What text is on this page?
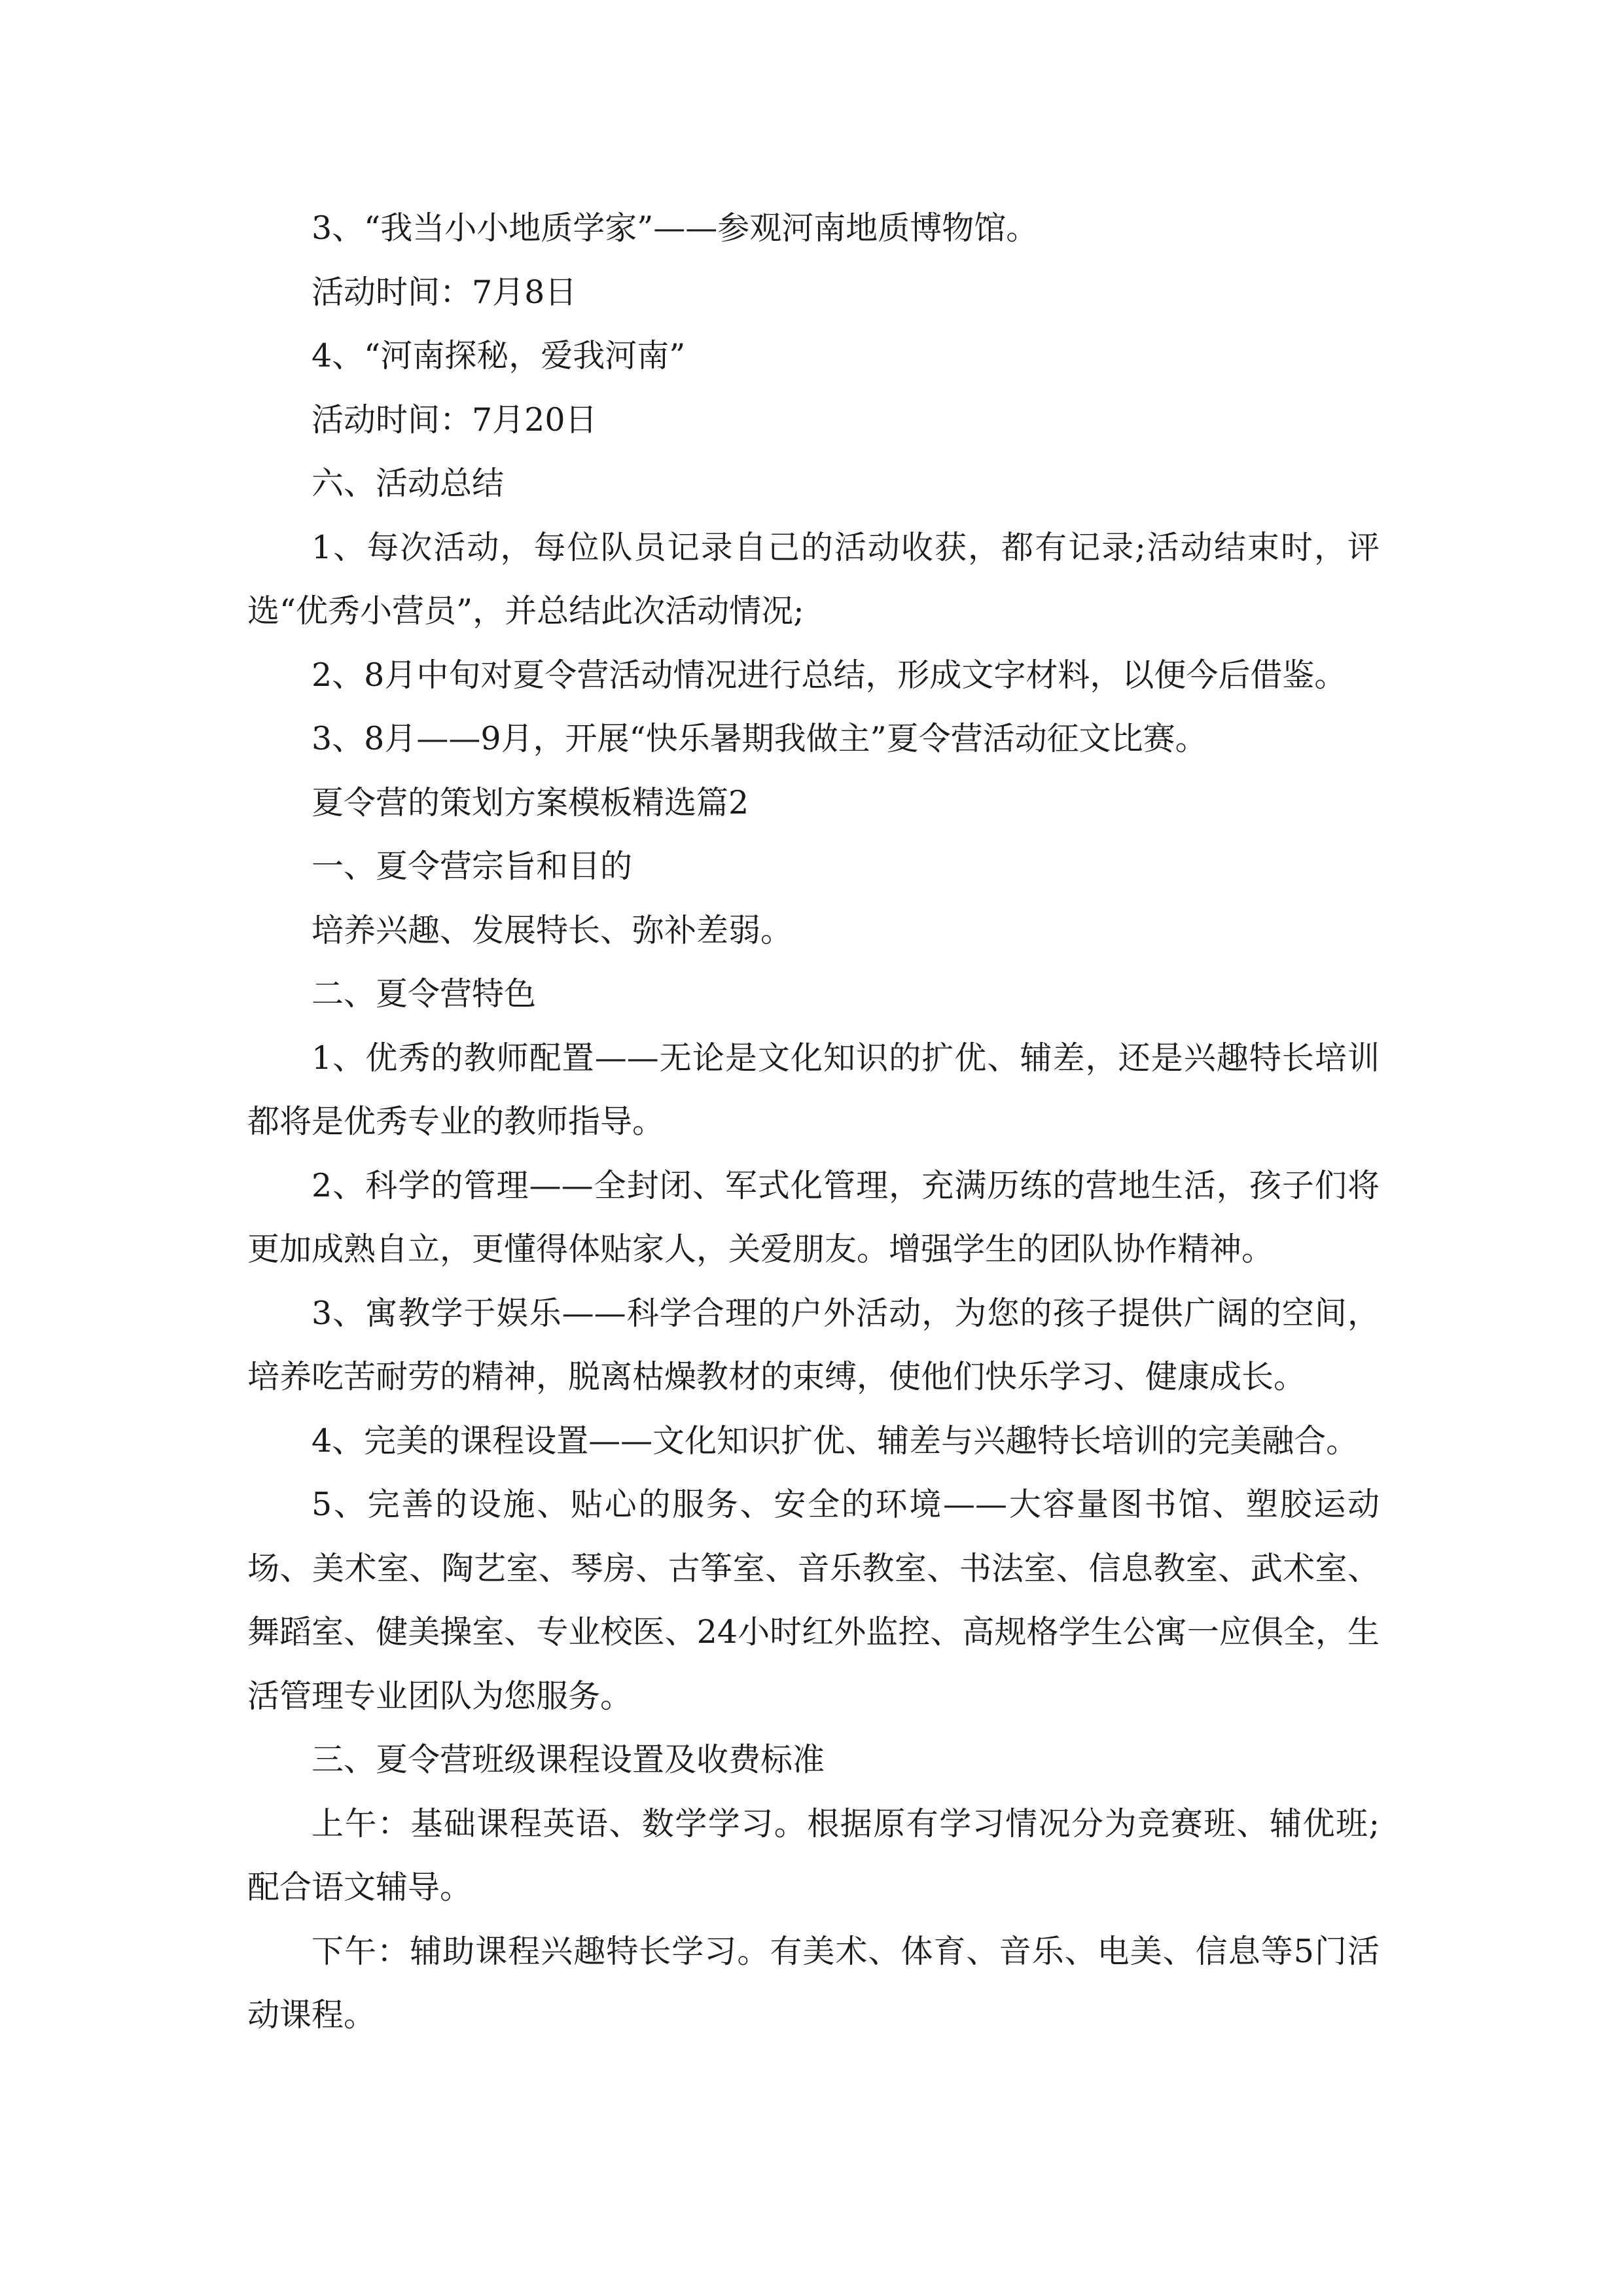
3、“我当小小地质学家”——参观河南地质博物馆。

活动时间：7月8日

4、“河南探秘，爱我河南”

活动时间：7月20日

六、活动总结

1、每次活动，每位队员记录自己的活动收获，都有记录;活动结束时，评选“优秀小营员”，并总结此次活动情况;

2、8月中旬对夏令营活动情况进行总结，形成文字材料，以便今后借鉴。

3、8月——9月，开展“快乐暑期我做主”夏令营活动征文比赛。

夏令营的策划方案模板精选篇2

一、夏令营宗旨和目的

培养兴趣、发展特长、弥补差弱。

二、夏令营特色

1、优秀的教师配置——无论是文化知识的扩优、辅差，还是兴趣特长培训都将是优秀专业的教师指导。

2、科学的管理——全封闭、军式化管理，充满历练的营地生活，孩子们将更加成熟自立，更懂得体贴家人，关爱朋友。增强学生的团队协作精神。

3、寓教学于娱乐——科学合理的户外活动，为您的孩子提供广阔的空间，培养吃苦耐劳的精神，脱离枯燥教材的束缚，使他们快乐学习、健康成长。

4、完美的课程设置——文化知识扩优、辅差与兴趣特长培训的完美融合。

5、完善的设施、贴心的服务、安全的环境——大容量图书馆、塑胶运动场、美术室、陶艺室、琴房、古筝室、音乐教室、书法室、信息教室、武术室、舞蹈室、健美操室、专业校医、24小时红外监控、高规格学生公寓一应俱全，生活管理专业团队为您服务。

三、夏令营班级课程设置及收费标准

上午：基础课程英语、数学学习。根据原有学习情况分为竞赛班、辅优班;配合语文辅导。

下午：辅助课程兴趣特长学习。有美术、体育、音乐、电美、信息等5门活动课程。
